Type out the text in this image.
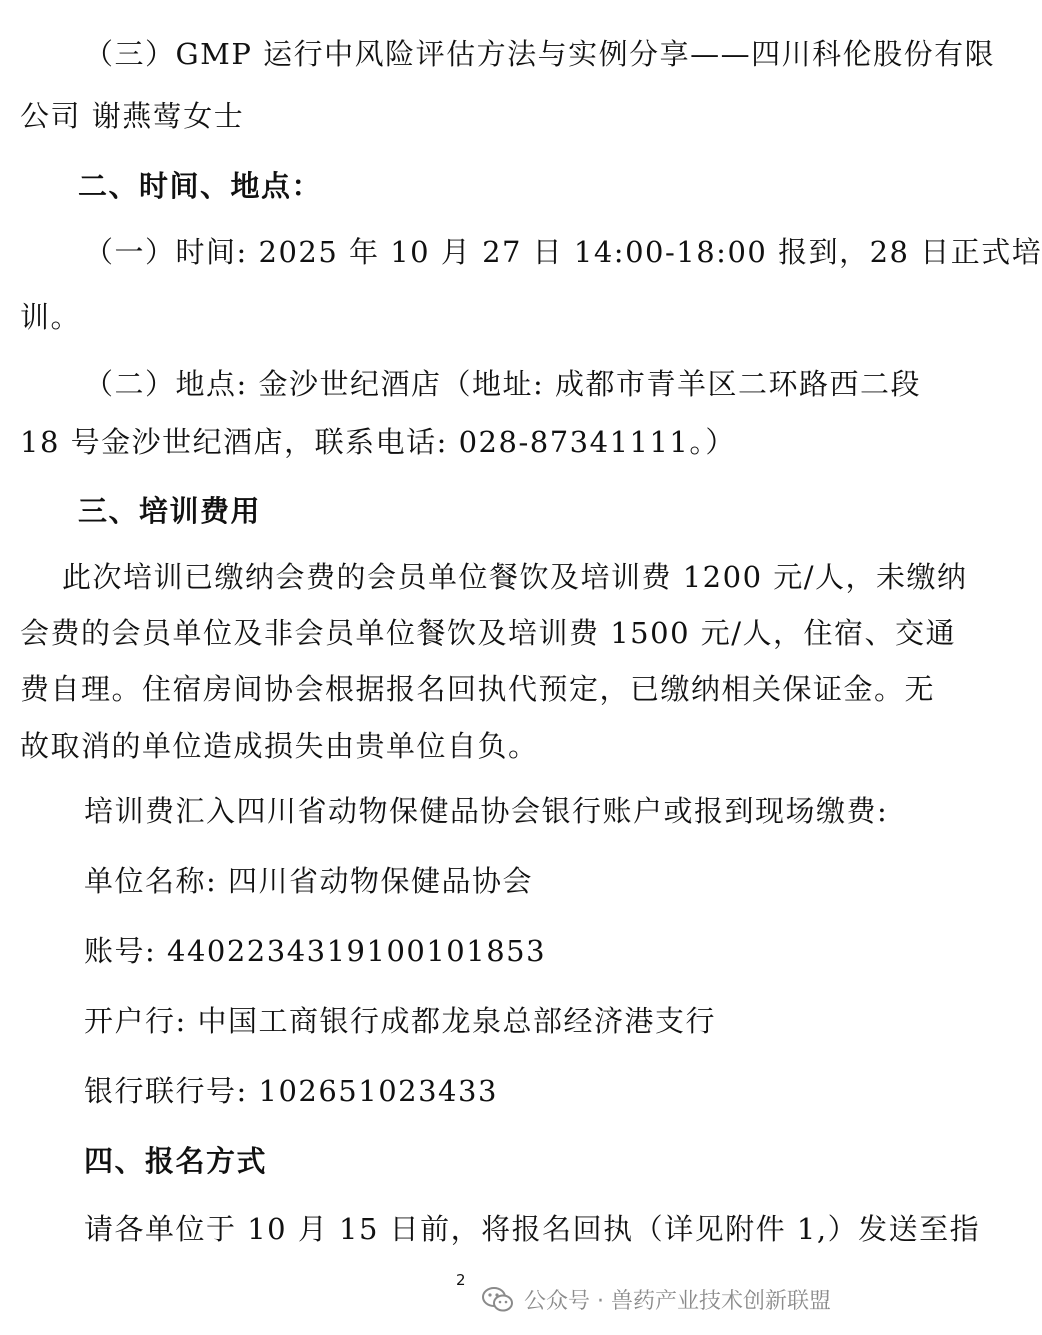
（三）GMP 运行中风险评估方法与实例分享——四川科伦股份有限
公司 谢燕莺女士
二、时间、地点：
（一）时间: 2025 年 10 月 27 日 14:00-18:00 报到，28 日正式培
训。
（二）地点: 金沙世纪酒店（地址: 成都市青羊区二环路西二段
18 号金沙世纪酒店，联系电话: 028-87341111。）
三、培训费用
此次培训已缴纳会费的会员单位餐饮及培训费 1200 元/人，未缴纳
会费的会员单位及非会员单位餐饮及培训费 1500 元/人，住宿、交通
费自理。住宿房间协会根据报名回执代预定，已缴纳相关保证金。无
故取消的单位造成损失由贵单位自负。
培训费汇入四川省动物保健品协会银行账户或报到现场缴费:
单位名称: 四川省动物保健品协会
账号: 4402234319100101853
开户行: 中国工商银行成都龙泉总部经济港支行
银行联行号: 102651023433
四、报名方式
请各单位于 10 月 15 日前，将报名回执（详见附件 1,）发送至指
2
公众号 · 兽药产业技术创新联盟
